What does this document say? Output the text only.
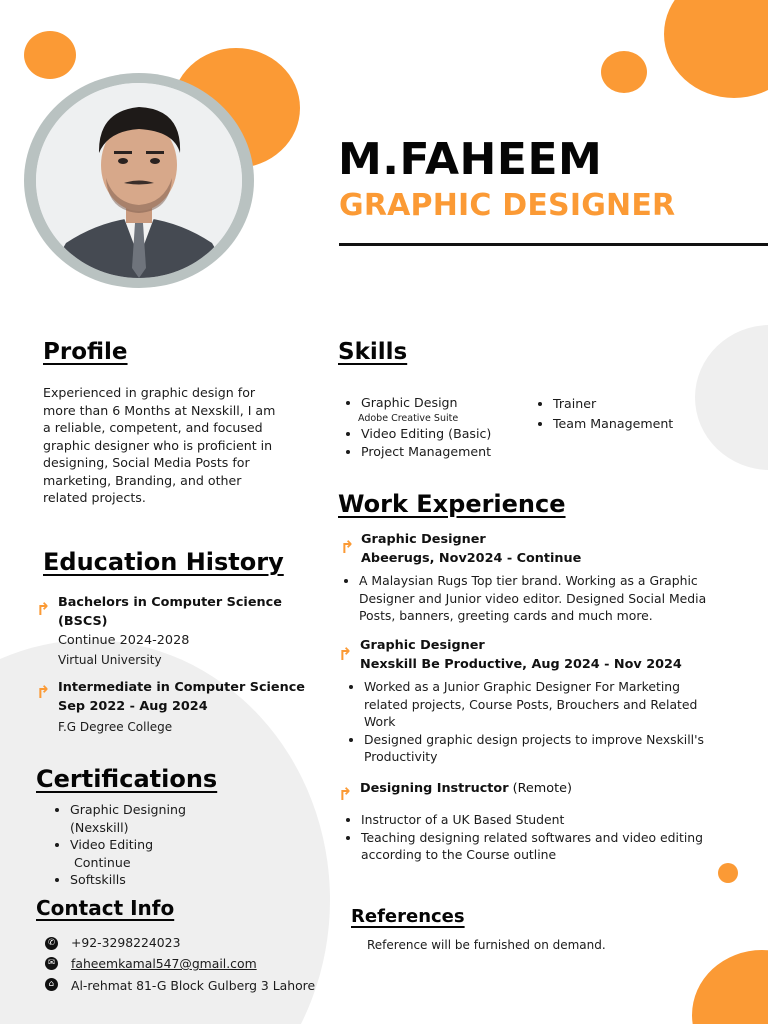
M.FAHEEM
GRAPHIC DESIGNER
Profile
Experienced in graphic design for more than 6 Months at Nexskill, I am a reliable, competent, and focused graphic designer who is proficient in designing, Social Media Posts for marketing, Branding, and other related projects.
Skills
• Graphic Design
Adobe Creative Suite
• Video Editing (Basic)
• Project Management
• Trainer
• Team Management
Education History
↱ Bachelors in Computer Science
(BSCS)
Continue 2024-2028
Virtual University
↱ Intermediate in Computer Science
Sep 2022 - Aug 2024
F.G Degree College
Certifications
• Graphic Designing
(Nexskill)
• Video Editing
Continue
• Softskills
Contact Info
✆ +92-3298224023
✉ faheemkamal547@gmail.com
⌂	Al-rehmat 81-G Block Gulberg 3 Lahore
Work Experience
↱ Graphic Designer
Abeerugs, Nov2024 - Continue
• A Malaysian Rugs Top tier brand. Working as a Graphic Designer and Junior video editor. Designed Social Media Posts, banners, greeting cards and much more.
↱ Graphic Designer
Nexskill Be Productive, Aug 2024 - Nov 2024
• Worked as a Junior Graphic Designer For Marketing related projects, Course Posts, Brouchers and Related Work
• Designed graphic design projects to improve Nexskill's Productivity
↱ Designing Instructor (Remote)
• Instructor of a UK Based Student
• Teaching designing related softwares and video editing according to the Course outline
References
Reference will be furnished on demand.
